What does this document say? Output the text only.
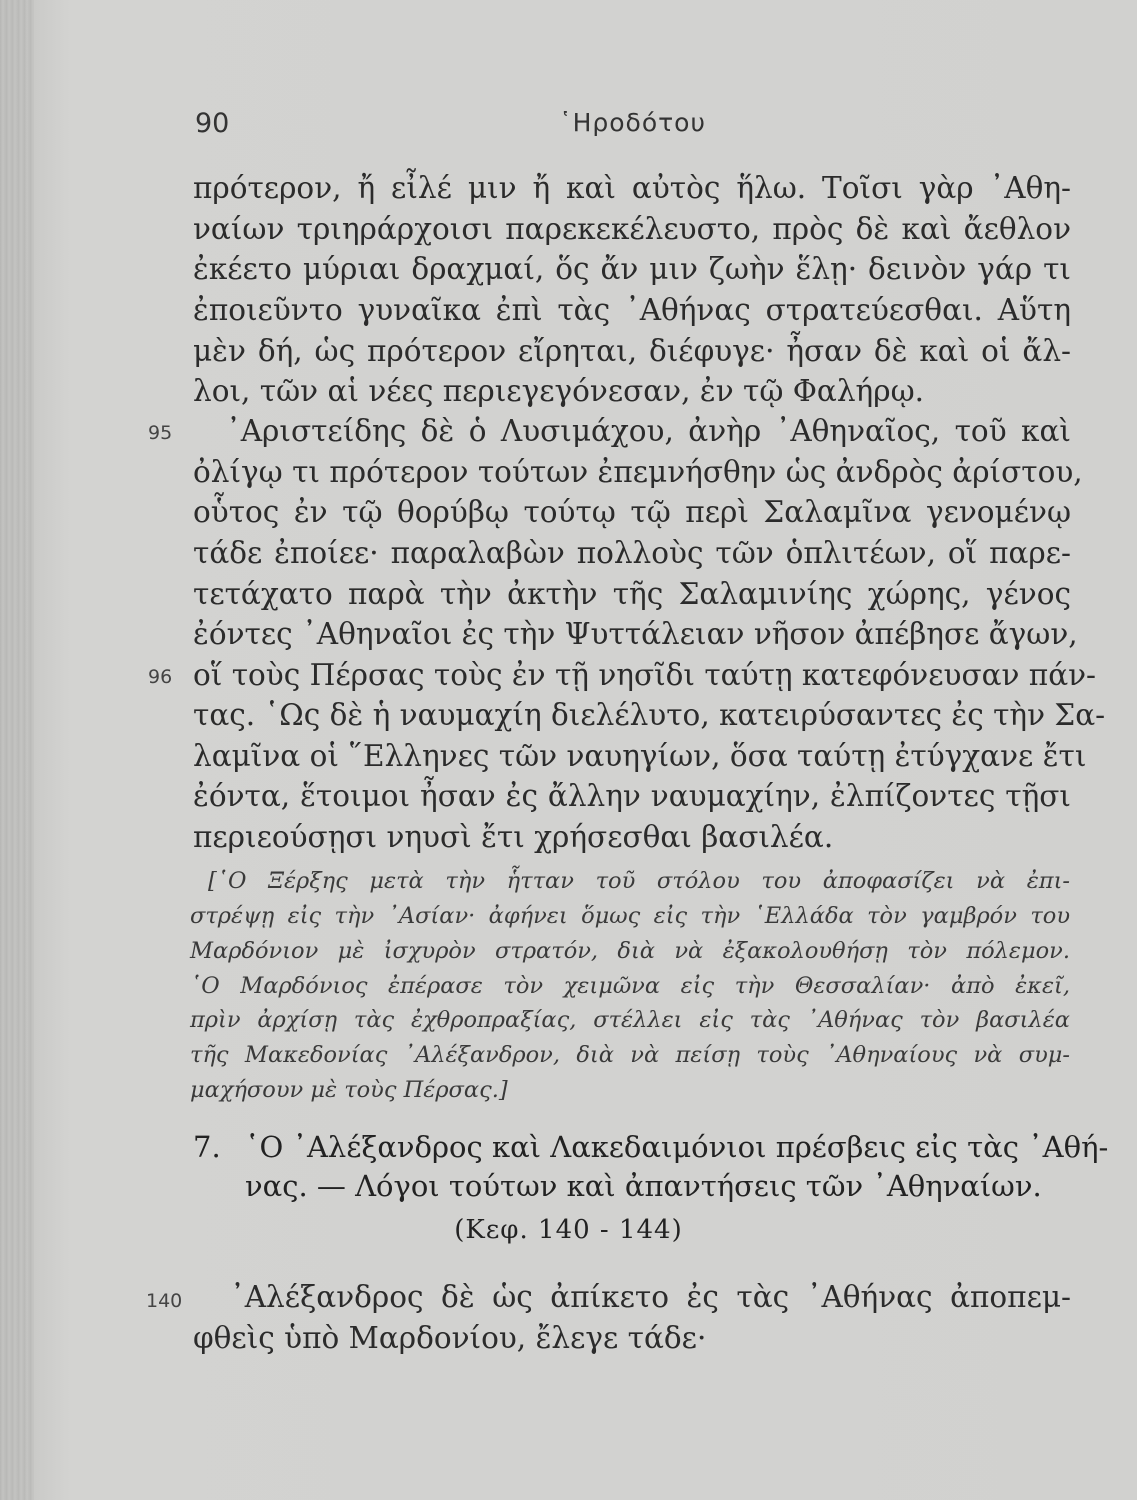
90	῾Ηροδότου
πρότερον, ἤ εἶλέ μιν ἤ καὶ αὐτὸς ἥλω. Τοῖσι γὰρ ᾿Αθη-
ναίων τριηράρχοισι παρεκεκέλευστο, πρὸς δὲ καὶ ἄεθλον
ἐκέετο μύριαι δραχμαί, ὅς ἄν μιν ζωὴν ἕλῃ· δεινὸν γάρ τι
ἐποιεῦντο γυναῖκα ἐπὶ τὰς ᾿Αθήνας στρατεύεσθαι. Αὕτη
μὲν δή, ὡς πρότερον εἴρηται, διέφυγε· ἦσαν δὲ καὶ οἱ ἄλ-
λοι, τῶν αἱ νέες περιεγεγόνεσαν, ἐν τῷ Φαλήρῳ.
95 ᾿Αριστείδης δὲ ὁ Λυσιμάχου, ἀνὴρ ᾿Αθηναῖος, τοῦ καὶ
ὀλίγῳ τι πρότερον τούτων ἐπεμνήσθην ὡς ἀνδρὸς ἀρίστου,
οὗτος ἐν τῷ θορύβῳ τούτῳ τῷ περὶ Σαλαμῖνα γενομένῳ
τάδε ἐποίεε· παραλαβὼν πολλοὺς τῶν ὁπλιτέων, οἵ παρε-
τετάχατο παρὰ τὴν ἀκτὴν τῆς Σαλαμινίης χώρης, γένος
ἐόντες ᾿Αθηναῖοι ἐς τὴν Ψυττάλειαν νῆσον ἀπέβησε ἄγων,
96 οἵ τοὺς Πέρσας τοὺς ἐν τῇ νησῖδι ταύτῃ κατεφόνευσαν πάν-
τας. ῾Ως δὲ ἡ ναυμαχίη διελέλυτο, κατειρύσαντες ἐς τὴν Σα-
λαμῖνα οἱ ῞Ελληνες τῶν ναυηγίων, ὅσα ταύτῃ ἐτύγχανε ἔτι
ἐόντα, ἕτοιμοι ἦσαν ἐς ἄλλην ναυμαχίην, ἐλπίζοντες τῇσι
περιεούσῃσι νηυσὶ ἔτι χρήσεσθαι βασιλέα.
[῾Ο Ξέρξης μετὰ τὴν ἧτταν τοῦ στόλου του ἀποφασίζει νὰ ἐπι-
στρέψῃ εἰς τὴν ᾿Ασίαν· ἀφήνει ὅμως εἰς τὴν ῾Ελλάδα τὸν γαμβρόν του
Μαρδόνιον μὲ ἰσχυρὸν στρατόν, διὰ νὰ ἐξακολουθήσῃ τὸν πόλεμον.
῾Ο Μαρδόνιος ἐπέρασε τὸν χειμῶνα εἰς τὴν Θεσσαλίαν· ἀπὸ ἐκεῖ,
πρὶν ἀρχίσῃ τὰς ἐχθροπραξίας, στέλλει εἰς τὰς ᾿Αθήνας τὸν βασιλέα
τῆς Μακεδονίας ᾿Αλέξανδρον, διὰ νὰ πείσῃ τοὺς ᾿Αθηναίους νὰ συμ-
μαχήσουν μὲ τοὺς Πέρσας.]
7. ῾Ο ᾿Αλέξανδρος καὶ Λακεδαιμόνιοι πρέσβεις εἰς τὰς ᾿Αθή-
νας. — Λόγοι τούτων καὶ ἀπαντήσεις τῶν ᾿Αθηναίων.
(Κεφ. 140 - 144)
140 ᾿Αλέξανδρος δὲ ὡς ἀπίκετο ἐς τὰς ᾿Αθήνας ἀποπεμ-
φθεὶς ὑπὸ Μαρδονίου, ἔλεγε τάδε·
